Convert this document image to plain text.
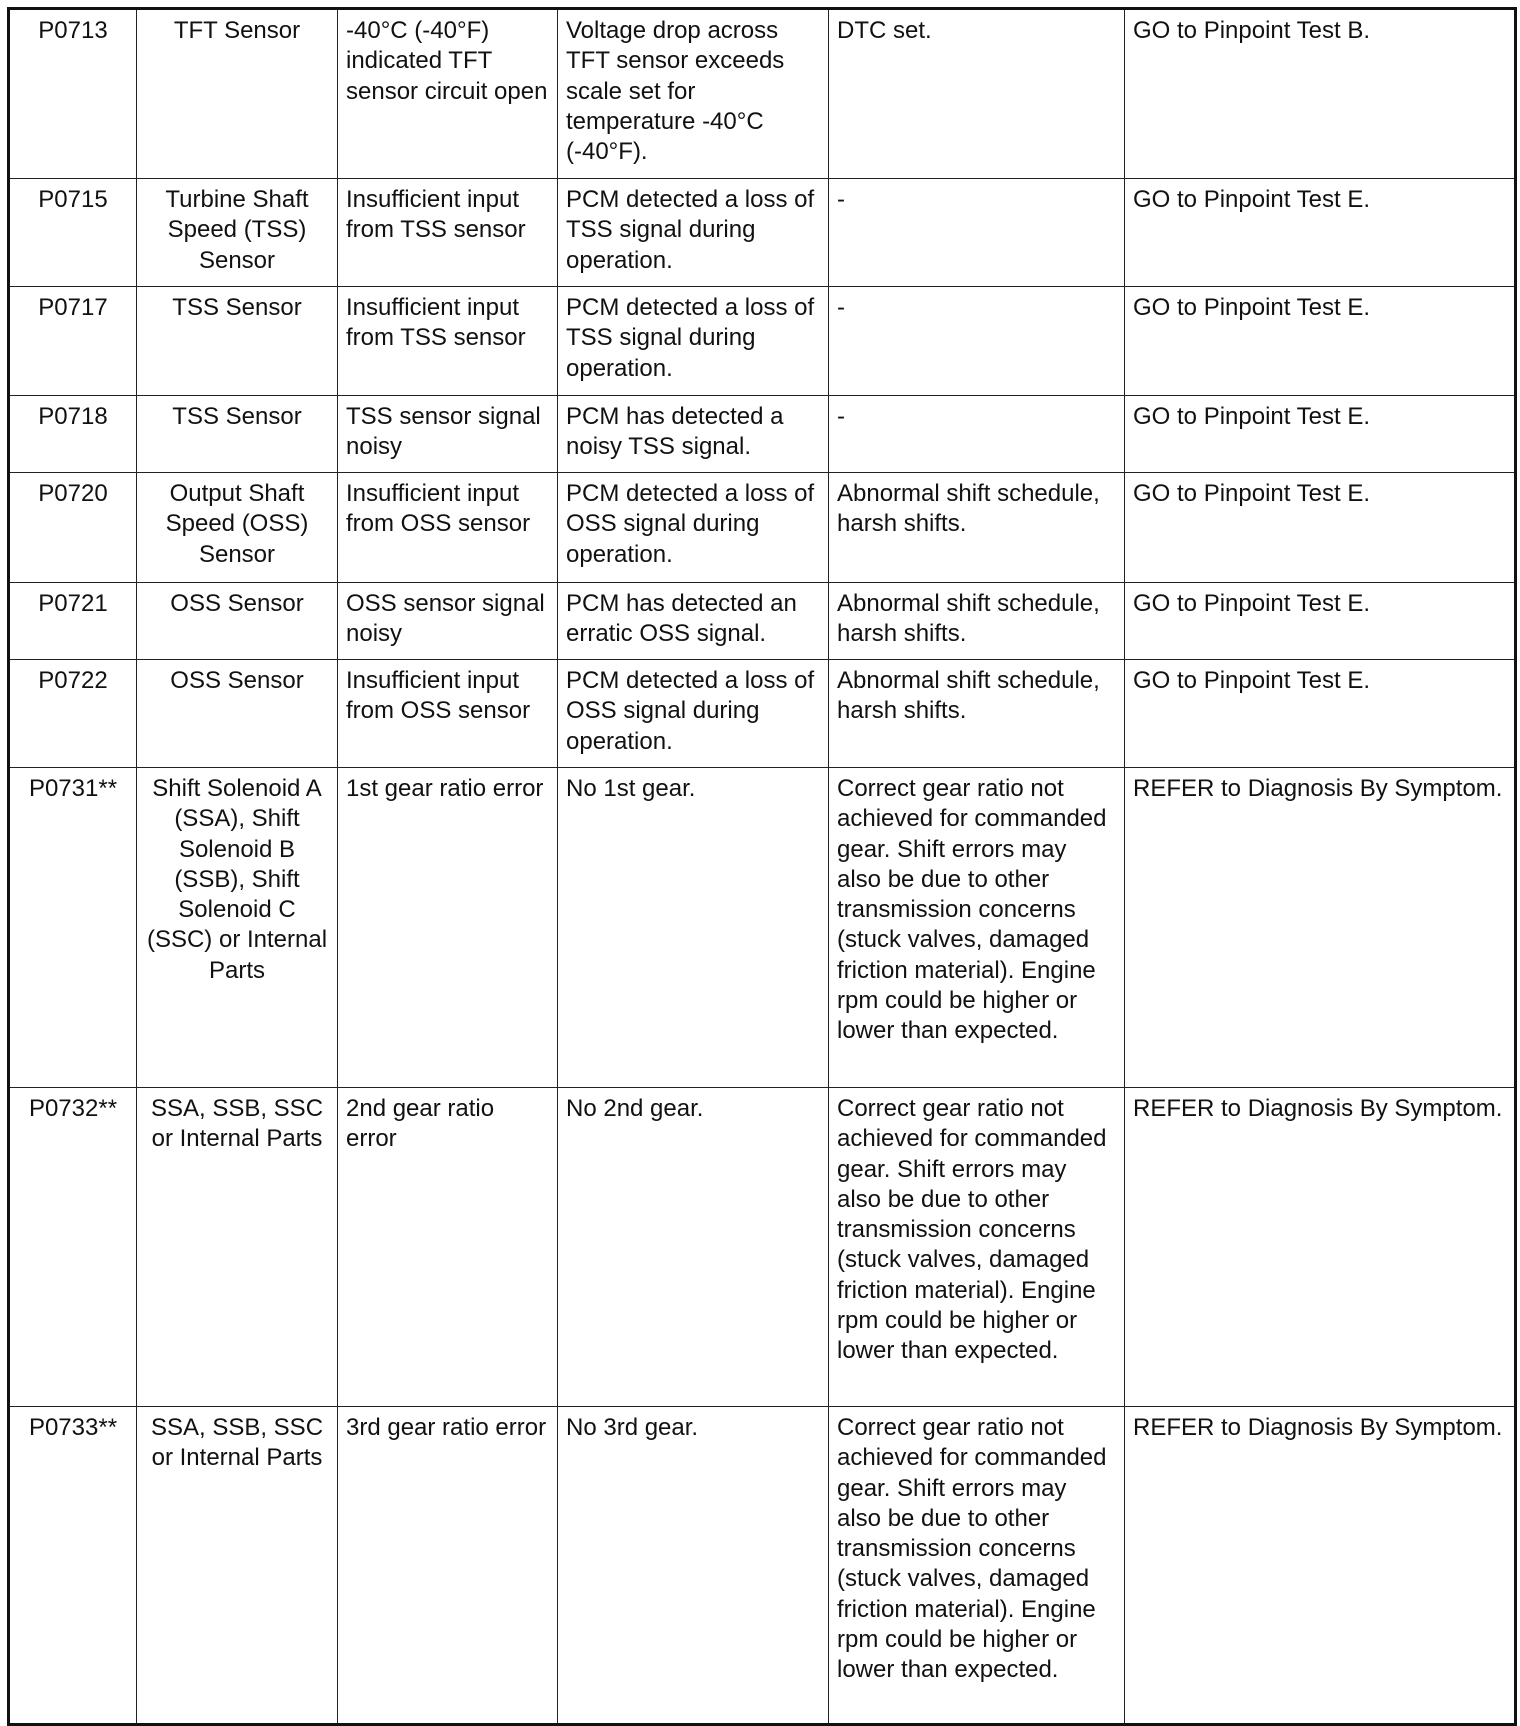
P0713	TFT Sensor	-40°C (-40°F) indicated TFT sensor circuit open	Voltage drop across TFT sensor exceeds scale set for temperature -40°C (-40°F).	DTC set.	GO to Pinpoint Test B.
P0715	Turbine Shaft Speed (TSS) Sensor	Insufficient input from TSS sensor	PCM detected a loss of TSS signal during operation.	-	GO to Pinpoint Test E.
P0717	TSS Sensor	Insufficient input from TSS sensor	PCM detected a loss of TSS signal during operation.	-	GO to Pinpoint Test E.
P0718	TSS Sensor	TSS sensor signal noisy	PCM has detected a noisy TSS signal.	-	GO to Pinpoint Test E.
P0720	Output Shaft Speed (OSS) Sensor	Insufficient input from OSS sensor	PCM detected a loss of OSS signal during operation.	Abnormal shift schedule, harsh shifts.	GO to Pinpoint Test E.
P0721	OSS Sensor	OSS sensor signal noisy	PCM has detected an erratic OSS signal.	Abnormal shift schedule, harsh shifts.	GO to Pinpoint Test E.
P0722	OSS Sensor	Insufficient input from OSS sensor	PCM detected a loss of OSS signal during operation.	Abnormal shift schedule, harsh shifts.	GO to Pinpoint Test E.
P0731**	Shift Solenoid A (SSA), Shift Solenoid B (SSB), Shift Solenoid C (SSC) or Internal Parts	1st gear ratio error	No 1st gear.	Correct gear ratio not achieved for commanded gear. Shift errors may also be due to other transmission concerns (stuck valves, damaged friction material). Engine rpm could be higher or lower than expected.	REFER to Diagnosis By Symptom.
P0732**	SSA, SSB, SSC or Internal Parts	2nd gear ratio error	No 2nd gear.	Correct gear ratio not achieved for commanded gear. Shift errors may also be due to other transmission concerns (stuck valves, damaged friction material). Engine rpm could be higher or lower than expected.	REFER to Diagnosis By Symptom.
P0733**	SSA, SSB, SSC or Internal Parts	3rd gear ratio error	No 3rd gear.	Correct gear ratio not achieved for commanded gear. Shift errors may also be due to other transmission concerns (stuck valves, damaged friction material). Engine rpm could be higher or lower than expected.	REFER to Diagnosis By Symptom.
